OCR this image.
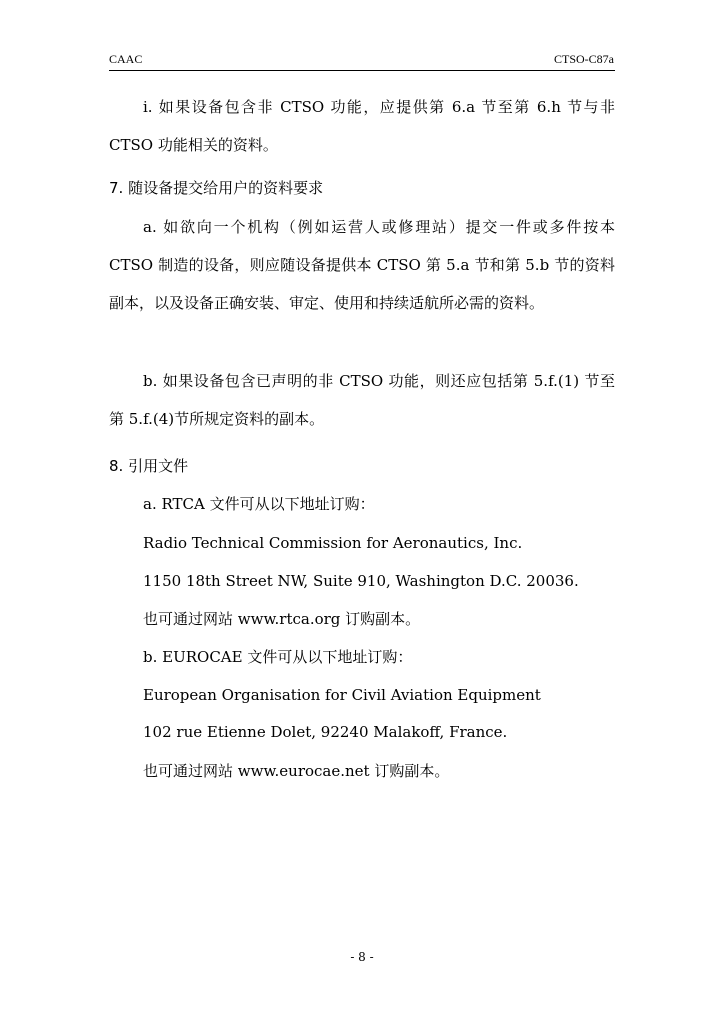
CAAC	CTSO-C87a

i. 如果设备包含非 CTSO 功能，应提供第 6.a 节至第 6.h 节与非 CTSO 功能相关的资料。

7. 随设备提交给用户的资料要求

a. 如欲向一个机构（例如运营人或修理站）提交一件或多件按本 CTSO 制造的设备，则应随设备提供本 CTSO 第 5.a 节和第 5.b 节的资料副本，以及设备正确安装、审定、使用和持续适航所必需的资料。

b. 如果设备包含已声明的非 CTSO 功能，则还应包括第 5.f.(1) 节至第 5.f.(4)节所规定资料的副本。

8. 引用文件
a. RTCA 文件可从以下地址订购：
Radio Technical Commission for Aeronautics, Inc.
1150 18th Street NW, Suite 910, Washington D.C. 20036.
也可通过网站 www.rtca.org 订购副本。
b. EUROCAE 文件可从以下地址订购：
European Organisation for Civil Aviation Equipment
102 rue Etienne Dolet, 92240 Malakoff, France.
也可通过网站 www.eurocae.net 订购副本。
- 8 -
